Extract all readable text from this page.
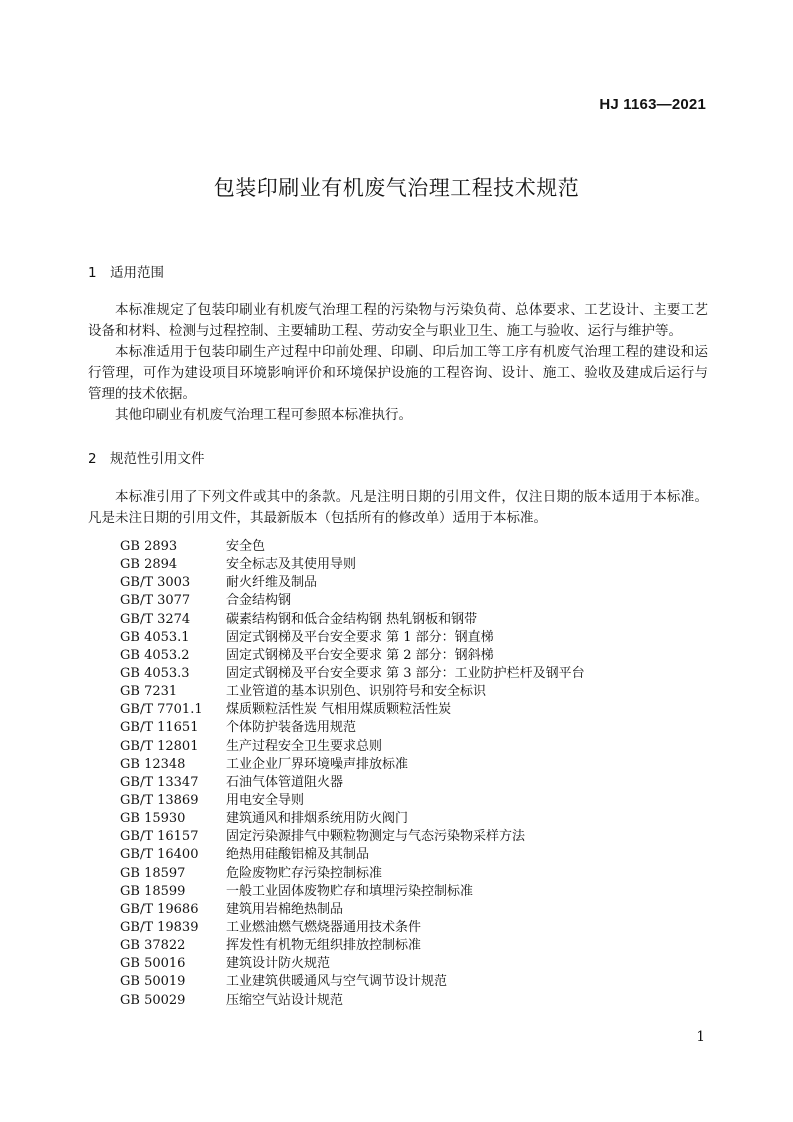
HJ 1163—2021
包装印刷业有机废气治理工程技术规范
1 适用范围
本标准规定了包装印刷业有机废气治理工程的污染物与污染负荷、总体要求、工艺设计、主要工艺设备和材料、检测与过程控制、主要辅助工程、劳动安全与职业卫生、施工与验收、运行与维护等。
本标准适用于包装印刷生产过程中印前处理、印刷、印后加工等工序有机废气治理工程的建设和运行管理，可作为建设项目环境影响评价和环境保护设施的工程咨询、设计、施工、验收及建成后运行与管理的技术依据。
其他印刷业有机废气治理工程可参照本标准执行。
2 规范性引用文件
本标准引用了下列文件或其中的条款。凡是注明日期的引用文件，仅注日期的版本适用于本标准。凡是未注日期的引用文件，其最新版本（包括所有的修改单）适用于本标准。
GB 2893	安全色
GB 2894	安全标志及其使用导则
GB/T 3003	耐火纤维及制品
GB/T 3077	合金结构钢
GB/T 3274	碳素结构钢和低合金结构钢 热轧钢板和钢带
GB 4053.1	固定式钢梯及平台安全要求 第 1 部分：钢直梯
GB 4053.2	固定式钢梯及平台安全要求 第 2 部分：钢斜梯
GB 4053.3	固定式钢梯及平台安全要求 第 3 部分：工业防护栏杆及钢平台
GB 7231	工业管道的基本识别色、识别符号和安全标识
GB/T 7701.1 煤质颗粒活性炭 气相用煤质颗粒活性炭
GB/T 11651 个体防护装备选用规范
GB/T 12801 生产过程安全卫生要求总则
GB 12348	工业企业厂界环境噪声排放标准
GB/T 13347 石油气体管道阻火器
GB/T 13869 用电安全导则
GB 15930	建筑通风和排烟系统用防火阀门
GB/T 16157 固定污染源排气中颗粒物测定与气态污染物采样方法
GB/T 16400 绝热用硅酸铝棉及其制品
GB 18597	危险废物贮存污染控制标准
GB 18599	一般工业固体废物贮存和填埋污染控制标准
GB/T 19686 建筑用岩棉绝热制品
GB/T 19839 工业燃油燃气燃烧器通用技术条件
GB 37822	挥发性有机物无组织排放控制标准
GB 50016	建筑设计防火规范
GB 50019	工业建筑供暖通风与空气调节设计规范
GB 50029	压缩空气站设计规范
1
